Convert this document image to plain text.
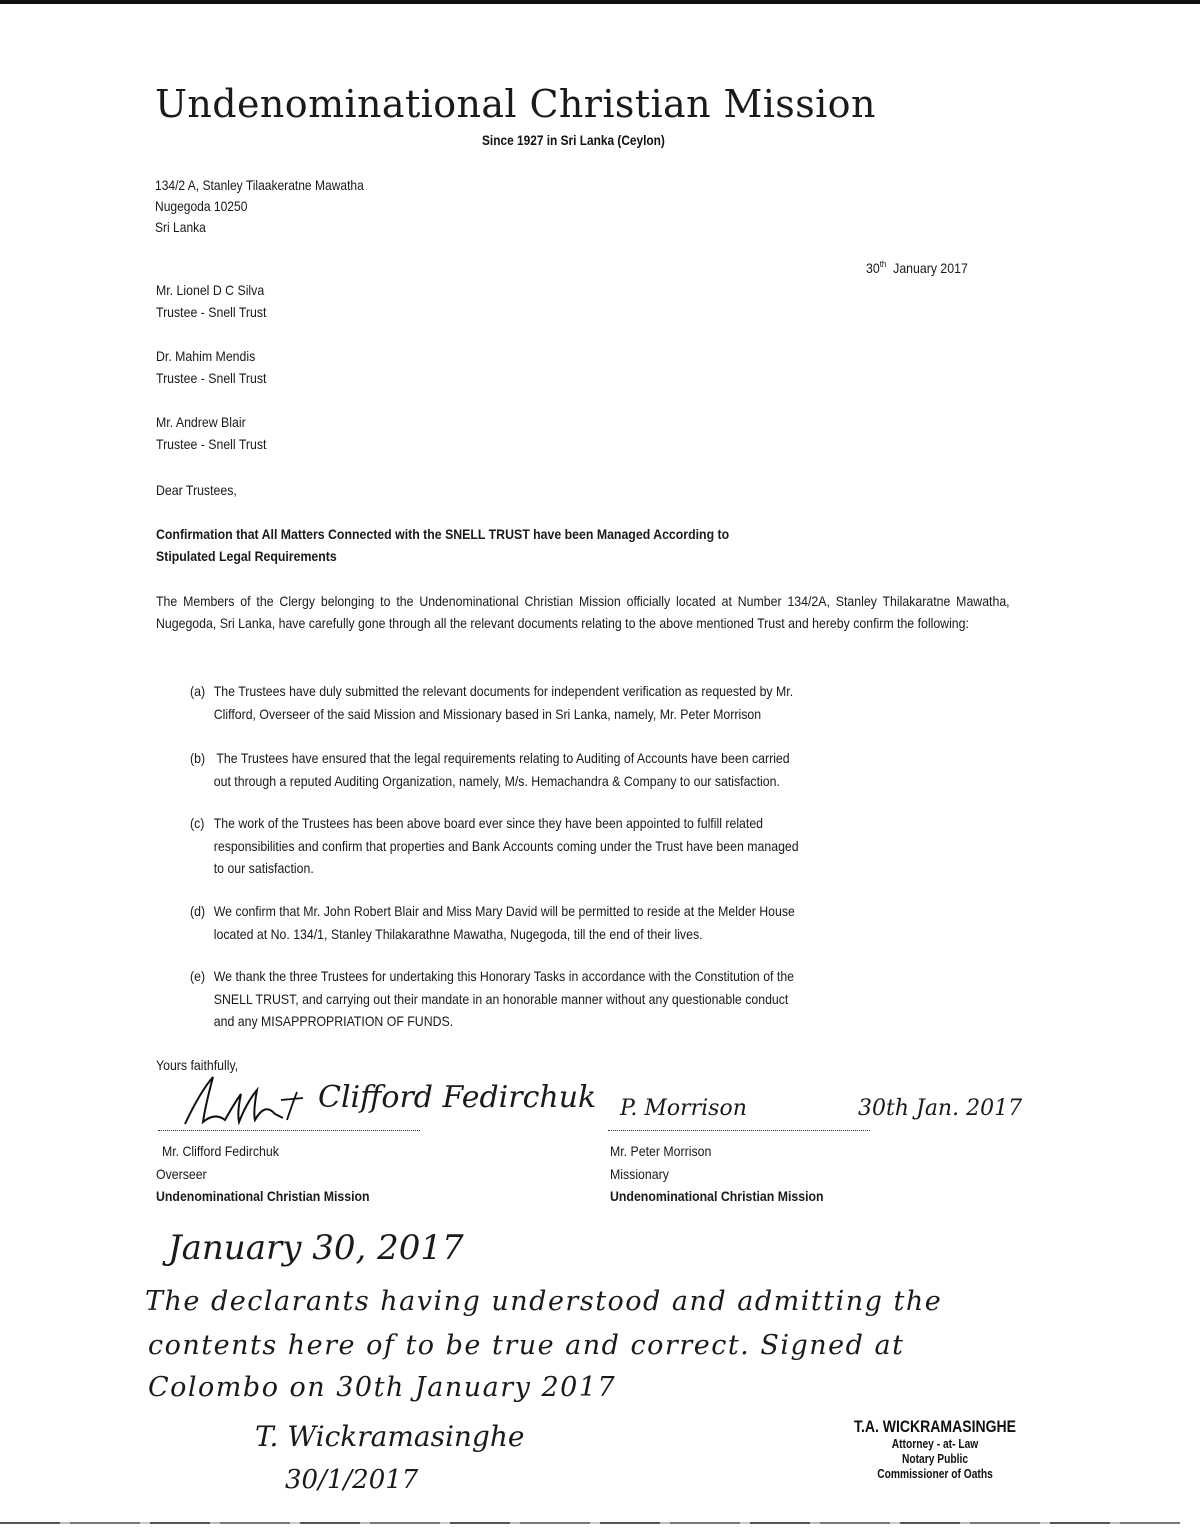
Undenominational Christian Mission
Since 1927 in Sri Lanka (Ceylon)
134/2 A, Stanley Tilaakeratne Mawatha
Nugegoda 10250
Sri Lanka
30th January 2017
Mr. Lionel D C Silva
Trustee - Snell Trust
Dr. Mahim Mendis
Trustee - Snell Trust
Mr. Andrew Blair
Trustee - Snell Trust
Dear Trustees,
Confirmation that All Matters Connected with the SNELL TRUST have been Managed According to
Stipulated Legal Requirements
The Members of the Clergy belonging to the Undenominational Christian Mission officially located at Number 134/2A, Stanley Thilakaratne Mawatha, Nugegoda, Sri Lanka, have carefully gone through all the relevant documents relating to the above mentioned Trust and hereby confirm the following:
(a) The Trustees have duly submitted the relevant documents for independent verification as requested by Mr.
Clifford, Overseer of the said Mission and Missionary based in Sri Lanka, namely, Mr. Peter Morrison
(b) The Trustees have ensured that the legal requirements relating to Auditing of Accounts have been carried
out through a reputed Auditing Organization, namely, M/s. Hemachandra & Company to our satisfaction.
(c) The work of the Trustees has been above board ever since they have been appointed to fulfill related
responsibilities and confirm that properties and Bank Accounts coming under the Trust have been managed
to our satisfaction.
(d) We confirm that Mr. John Robert Blair and Miss Mary David will be permitted to reside at the Melder House
located at No. 134/1, Stanley Thilakarathne Mawatha, Nugegoda, till the end of their lives.
(e) We thank the three Trustees for undertaking this Honorary Tasks in accordance with the Constitution of the
SNELL TRUST, and carrying out their mandate in an honorable manner without any questionable conduct
and any MISAPPROPRIATION OF FUNDS.
Yours faithfully,
Clifford Fedirchuk
Mr. Clifford Fedirchuk
Overseer
Undenominational Christian Mission
P. Morrison	30th Jan. 2017
Mr. Peter Morrison
Missionary
Undenominational Christian Mission
January 30, 2017
The declarants having understood and admitting the
contents here of to be true and correct. Signed at
Colombo on 30th January 2017
T. Wickramasinghe
30/1/2017
T.A. WICKRAMASINGHE
Attorney - at- Law
Notary Public
Commissioner of Oaths
